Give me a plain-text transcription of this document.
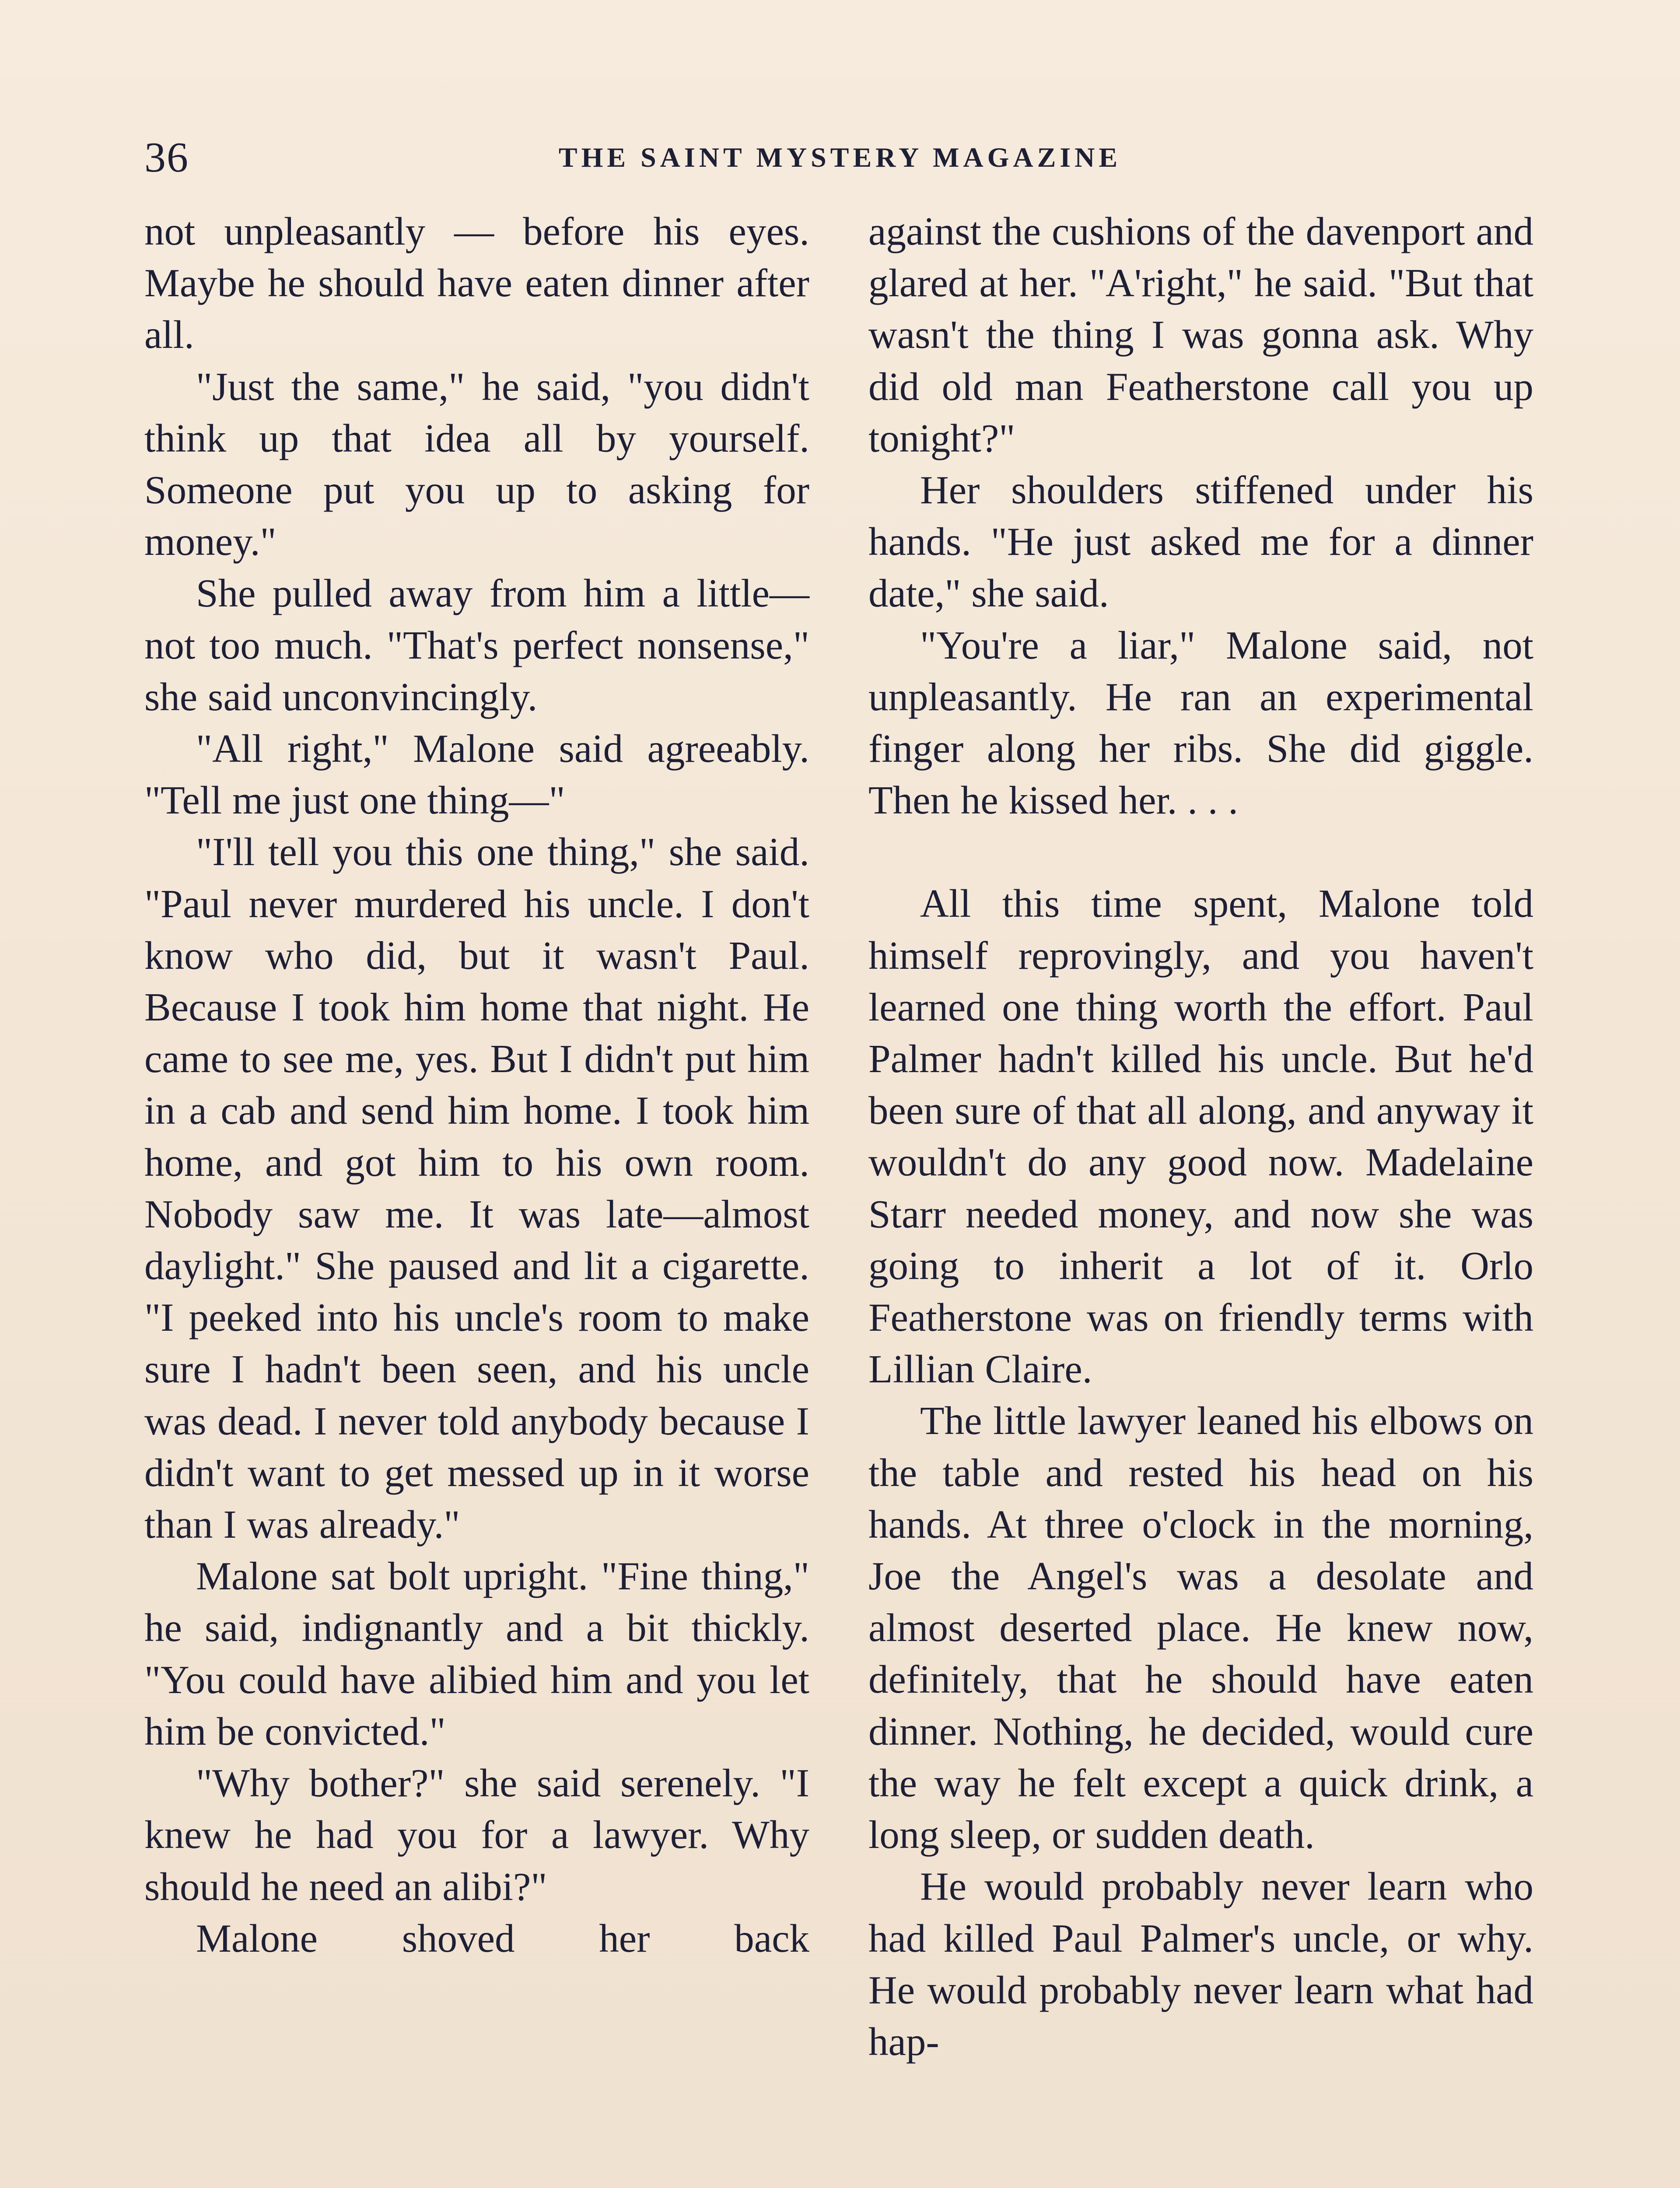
36	THE SAINT MYSTERY MAGAZINE

not unpleasantly — before his eyes. Maybe he should have eaten dinner after all.

"Just the same," he said, "you didn't think up that idea all by yourself. Someone put you up to asking for money."

She pulled away from him a little—not too much. "That's perfect nonsense," she said unconvincingly.

"All right," Malone said agreeably. "Tell me just one thing—"

"I'll tell you this one thing," she said. "Paul never murdered his uncle. I don't know who did, but it wasn't Paul. Because I took him home that night. He came to see me, yes. But I didn't put him in a cab and send him home. I took him home, and got him to his own room. Nobody saw me. It was late—almost daylight." She paused and lit a cigarette. "I peeked into his uncle's room to make sure I hadn't been seen, and his uncle was dead. I never told anybody because I didn't want to get messed up in it worse than I was already."

Malone sat bolt upright. "Fine thing," he said, indignantly and a bit thickly. "You could have alibied him and you let him be convicted."

"Why bother?" she said serenely. "I knew he had you for a lawyer. Why should he need an alibi?"

Malone shoved her back

against the cushions of the davenport and glared at her. "A'right," he said. "But that wasn't the thing I was gonna ask. Why did old man Featherstone call you up tonight?"

Her shoulders stiffened under his hands. "He just asked me for a dinner date," she said.

"You're a liar," Malone said, not unpleasantly. He ran an experimental finger along her ribs. She did giggle. Then he kissed her. . . .

All this time spent, Malone told himself reprovingly, and you haven't learned one thing worth the effort. Paul Palmer hadn't killed his uncle. But he'd been sure of that all along, and anyway it wouldn't do any good now. Madelaine Starr needed money, and now she was going to inherit a lot of it. Orlo Featherstone was on friendly terms with Lillian Claire.

The little lawyer leaned his elbows on the table and rested his head on his hands. At three o'clock in the morning, Joe the Angel's was a desolate and almost deserted place. He knew now, definitely, that he should have eaten dinner. Nothing, he decided, would cure the way he felt except a quick drink, a long sleep, or sudden death.

He would probably never learn who had killed Paul Palmer's uncle, or why. He would probably never learn what had hap-
